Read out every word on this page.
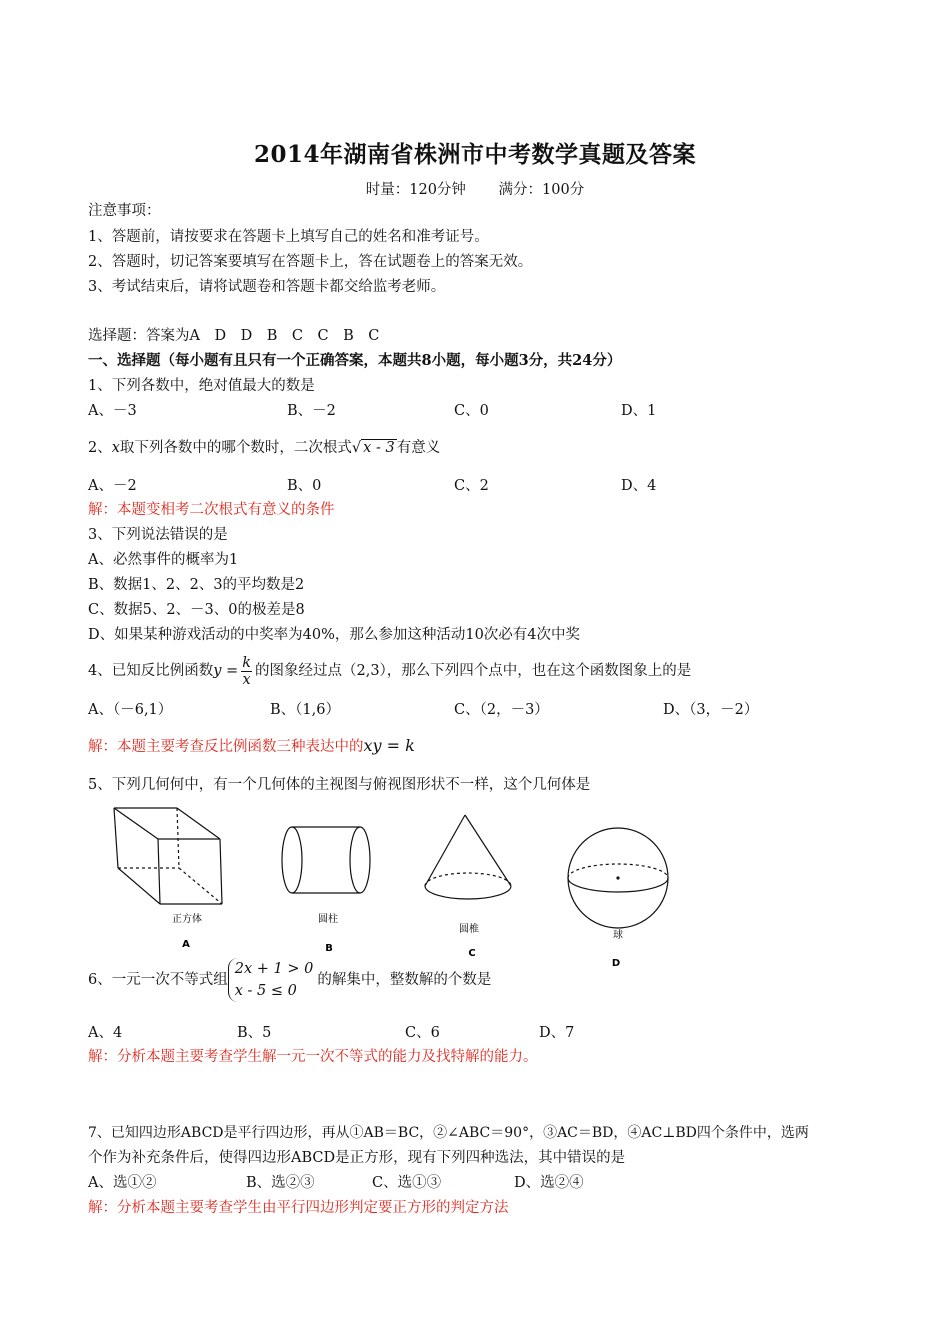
2014年湖南省株洲市中考数学真题及答案
时量：120分钟 满分：100分
注意事项：
1、答题前，请按要求在答题卡上填写自己的姓名和准考证号。
2、答题时，切记答案要填写在答题卡上，答在试题卷上的答案无效。
3、考试结束后，请将试题卷和答题卡都交给监考老师。
选择题：答案为A　D　D　B　C　C　B　C
一、选择题（每小题有且只有一个正确答案，本题共8小题，每小题3分，共24分）
1、下列各数中，绝对值最大的数是
A、－3	B、－2	C、0	D、1
2、x取下列各数中的哪个数时，二次根式√ x - 3 有意义
A、－2	B、0	C、2	D、4
解：本题变相考二次根式有意义的条件
3、下列说法错误的是
A、必然事件的概率为1
B、数据1、2、2、3的平均数是2
C、数据5、2、－3、0的极差是8
D、如果某种游戏活动的中奖率为40%，那么参加这种活动10次必有4次中奖
4、已知反比例函数$y = \frac{k}{x}$ 的图象经过点（2,3），那么下列四个点中，也在这个函数图象上的是
A、（－6,1）	B、（1,6）	C、（2，－3）	D、（3，－2）
解：本题主要考查反比例函数三种表达中的xy = k
5、下列几何何中，有一个几何体的主视图与俯视图形状不一样，这个几何体是
正方体
A
圆柱
B
圆椎
C
球
D
6、一元一次不等式组
2x + 1 > 0
x - 5 ≤ 0
的解集中，整数解的个数是
A、4	B、5	C、6	D、7
解：分析本题主要考查学生解一元一次不等式的能力及找特解的能力。
7、已知四边形ABCD是平行四边形，再从①AB＝BC，②∠ABC＝90°，③AC＝BD，④AC⊥BD四个条件中，选两
个作为补充条件后，使得四边形ABCD是正方形，现有下列四种选法，其中错误的是
A、选①②	B、选②③	C、选①③	D、选②④
解：分析本题主要考查学生由平行四边形判定要正方形的判定方法
